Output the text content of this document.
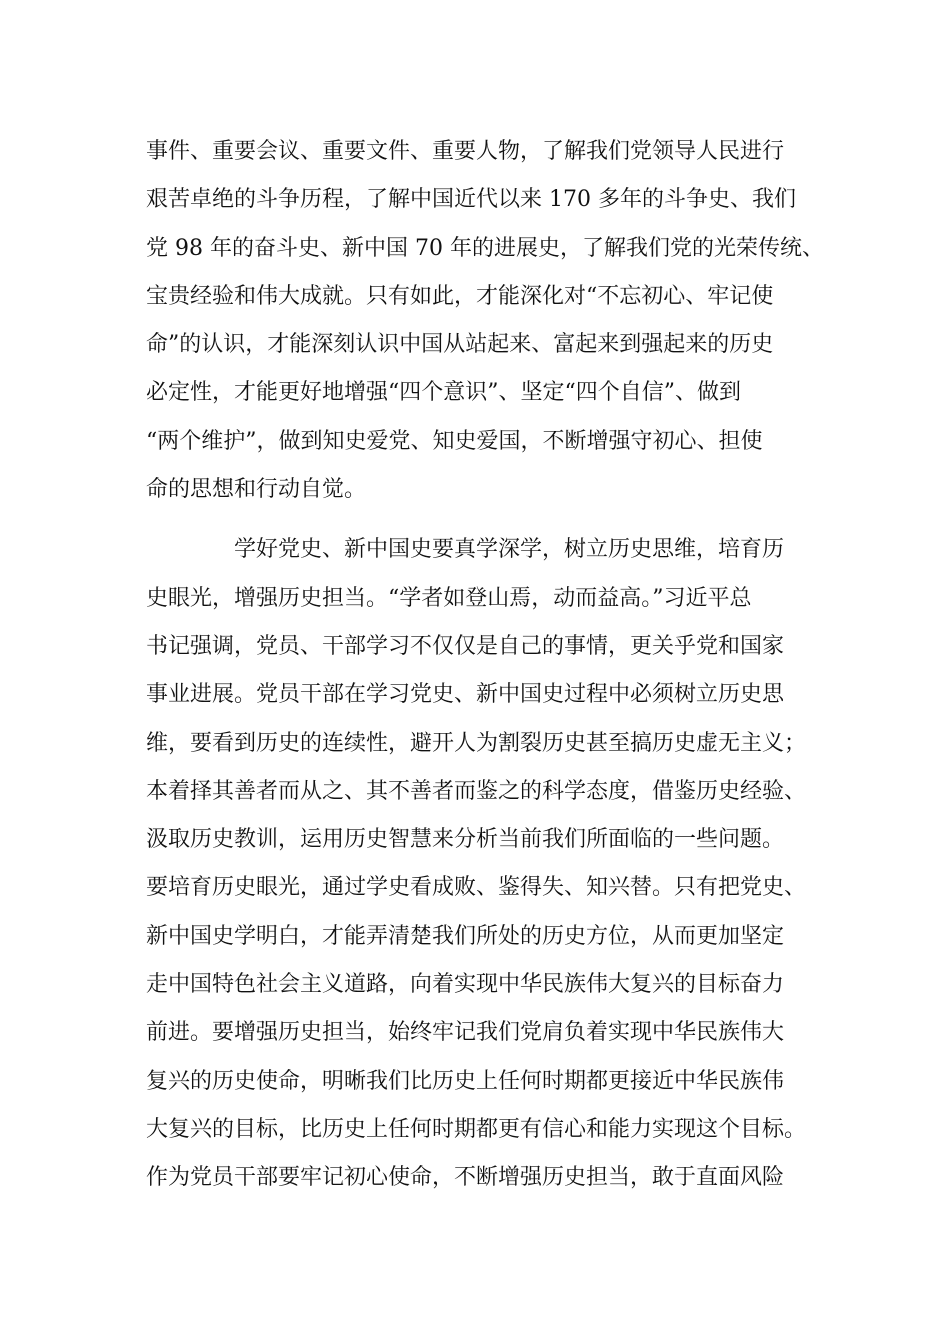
事件、重要会议、重要文件、重要人物，了解我们党领导人民进行
艰苦卓绝的斗争历程，了解中国近代以来 170 多年的斗争史、我们
党 98 年的奋斗史、新中国 70 年的进展史，了解我们党的光荣传统、
宝贵经验和伟大成就。只有如此，才能深化对“不忘初心、牢记使
命”的认识，才能深刻认识中国从站起来、富起来到强起来的历史
必定性，才能更好地增强“四个意识”、坚定“四个自信”、做到
“两个维护”，做到知史爱党、知史爱国，不断增强守初心、担使
命的思想和行动自觉。
学好党史、新中国史要真学深学，树立历史思维，培育历
史眼光，增强历史担当。“学者如登山焉，动而益高。”习近平总
书记强调，党员、干部学习不仅仅是自己的事情，更关乎党和国家
事业进展。党员干部在学习党史、新中国史过程中必须树立历史思
维，要看到历史的连续性，避开人为割裂历史甚至搞历史虚无主义；
本着择其善者而从之、其不善者而鉴之的科学态度，借鉴历史经验、
汲取历史教训，运用历史智慧来分析当前我们所面临的一些问题。
要培育历史眼光，通过学史看成败、鉴得失、知兴替。只有把党史、
新中国史学明白，才能弄清楚我们所处的历史方位，从而更加坚定
走中国特色社会主义道路，向着实现中华民族伟大复兴的目标奋力
前进。要增强历史担当，始终牢记我们党肩负着实现中华民族伟大
复兴的历史使命，明晰我们比历史上任何时期都更接近中华民族伟
大复兴的目标，比历史上任何时期都更有信心和能力实现这个目标。
作为党员干部要牢记初心使命，不断增强历史担当，敢于直面风险
